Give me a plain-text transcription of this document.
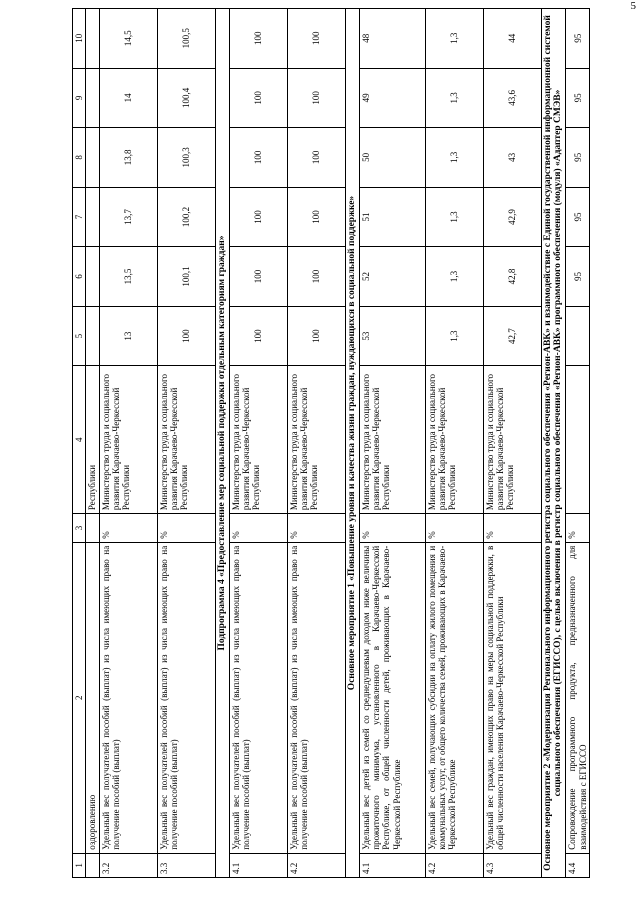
5
1	2	3	4	5	6	7	8	9	10
	оздоровлению		Республики						
3.2	Удельный вес получателей пособий (выплат) из числа имеющих право на получение пособий (выплат)	%	Министерство труда и социального развития Карачаево-Черкесской Республики	13	13,5	13,7	13,8	14	14,5
3.3	Удельный вес получателей пособий (выплат) из числа имеющих право на получение пособий (выплат)	%	Министерство труда и социального развития Карачаево-Черкесской Республики	100	100,1	100,2	100,3	100,4	100,5
Подпрограмма 4 «Предоставление мер социальной поддержки отдельным категориям граждан»									
4.1	Удельный вес получателей пособий (выплат) из числа имеющих право на получение пособий (выплат)	%	Министерство труда и социального развития Карачаево-Черкесской Республики	100	100	100	100	100	100
4.2	Удельный вес получателей пособий (выплат) из числа имеющих право на получение пособий (выплат)	%	Министерство труда и социального развития Карачаево-Черкесской Республики	100	100	100	100	100	100
Основное мероприятие 1 «Повышение уровня и качества жизни граждан, нуждающихся в социальной поддержке»									
4.1	Удельный вес детей из семей со среднедушевым доходом ниже величины прожиточного минимума, установленного в Карачаево-Черкесской Республике, от общей численности детей, проживающих в Карачаево-Черкесской Республике	%	Министерство труда и социального развития Карачаево-Черкесской Республики	53	52	51	50	49	48
4.2	Удельный вес семей, получающих субсидии на оплату жилого помещения и коммунальных услуг, от общего количества семей, проживающих в Карачаево-Черкесской Республике	%	Министерство труда и социального развития Карачаево-Черкесской Республики	1,3	1,3	1,3	1,3	1,3	1,3
4.3	Удельный вес граждан, имеющих право на меры социальной поддержки, в общей численности населения Карачаево-Черкесской Республики	%	Министерство труда и социального развития Карачаево-Черкесской Республики	42,7	42,8	42,9	43	43,6	44
Основное мероприятие 2 «Модернизация Регионального информационного регистра социального обеспечения «Регион-АВК» и взаимодействие с Единой государственной информационной системой социального обеспечения (ЕГИССО), с целью включения в регистр социального обеспечения «Регион-АВК» программного обеспечения (модуля) «Адаптер СМЭВ»									
4.4	Сопровождение программного продукта, предназначенного для взаимодействия с ЕГИССО	%			95	95	95	95	95
